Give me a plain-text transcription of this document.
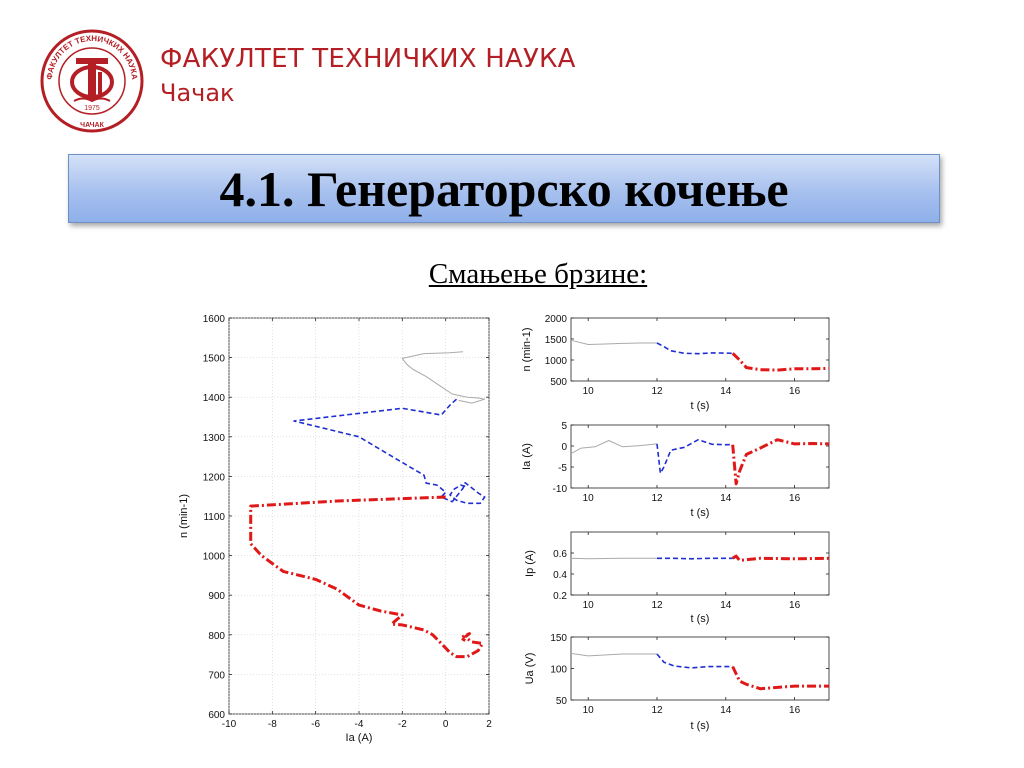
ФАКУЛТЕТ ТЕХНИЧКИХ НАУКА
1975
ЧАЧАК
ФАКУЛТЕТ ТЕХНИЧКИХ НАУКА
Чачак
4.1. Генераторско кочење
Смањење брзине:
-10	-8	-6	-4	-2	0	2
600
700
800
900
1000
1100
1200
1300
1400
1500
1600
Ia (A)
n (min-1)
10	12	14	16
500
1000
1500
2000
t (s)
n (min-1)
10	12	14	16
-10
-5
0
5
t (s)
Ia (A)
10	12	14	16
0.2
0.4
0.6
t (s)
Ip (A)
10	12	14	16
50
100
150
t (s)
Ua (V)
